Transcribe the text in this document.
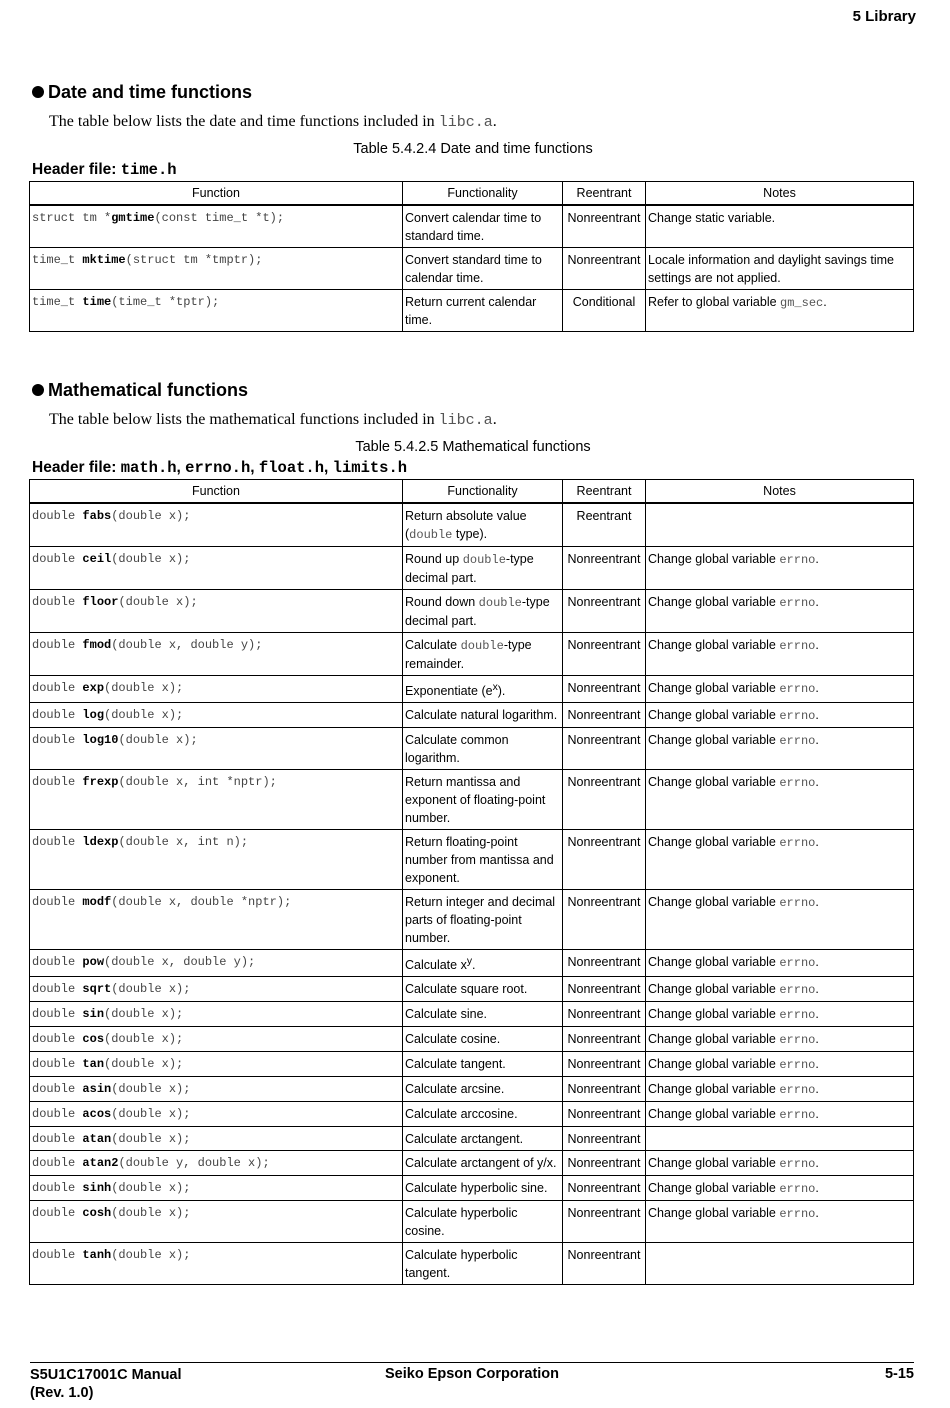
5 Library
Date and time functions
The table below lists the date and time functions included in libc.a.
Table 5.4.2.4 Date and time functions
Header file: time.h
Function	Functionality	Reentrant	Notes
struct tm *gmtime(const time_t *t);	Convert calendar time to standard time.	Nonreentrant	Change static variable.
time_t mktime(struct tm *tmptr);	Convert standard time to calendar time.	Nonreentrant	Locale information and daylight savings time settings are not applied.
time_t time(time_t *tptr);	Return current calendar time.	Conditional	Refer to global variable gm_sec.
Mathematical functions
The table below lists the mathematical functions included in libc.a.
Table 5.4.2.5 Mathematical functions
Header file: math.h, errno.h, float.h, limits.h
Function	Functionality	Reentrant	Notes
double fabs(double x);	Return absolute value (double type).	Reentrant	
double ceil(double x);	Round up double-type decimal part.	Nonreentrant	Change global variable errno.
double floor(double x);	Round down double-type decimal part.	Nonreentrant	Change global variable errno.
double fmod(double x, double y);	Calculate double-type remainder.	Nonreentrant	Change global variable errno.
double exp(double x);	Exponentiate $(e^x)$.	Nonreentrant	Change global variable errno.
double log(double x);	Calculate natural logarithm.	Nonreentrant	Change global variable errno.
double log10(double x);	Calculate common logarithm.	Nonreentrant	Change global variable errno.
double frexp(double x, int *nptr);	Return mantissa and exponent of floating-point number.	Nonreentrant	Change global variable errno.
double ldexp(double x, int n);	Return floating-point number from mantissa and exponent.	Nonreentrant	Change global variable errno.
double modf(double x, double *nptr);	Return integer and decimal parts of floating-point number.	Nonreentrant	Change global variable errno.
double pow(double x, double y);	Calculate $x^y$.	Nonreentrant	Change global variable errno.
double sqrt(double x);	Calculate square root.	Nonreentrant	Change global variable errno.
double sin(double x);	Calculate sine.	Nonreentrant	Change global variable errno.
double cos(double x);	Calculate cosine.	Nonreentrant	Change global variable errno.
double tan(double x);	Calculate tangent.	Nonreentrant	Change global variable errno.
double asin(double x);	Calculate arcsine.	Nonreentrant	Change global variable errno.
double acos(double x);	Calculate arccosine.	Nonreentrant	Change global variable errno.
double atan(double x);	Calculate arctangent.	Nonreentrant	
double atan2(double y, double x);	Calculate arctangent of y/x.	Nonreentrant	Change global variable errno.
double sinh(double x);	Calculate hyperbolic sine.	Nonreentrant	Change global variable errno.
double cosh(double x);	Calculate hyperbolic cosine.	Nonreentrant	Change global variable errno.
double tanh(double x);	Calculate hyperbolic tangent.	Nonreentrant	
S5U1C17001C Manual
(Rev. 1.0)
Seiko Epson Corporation	5-15
